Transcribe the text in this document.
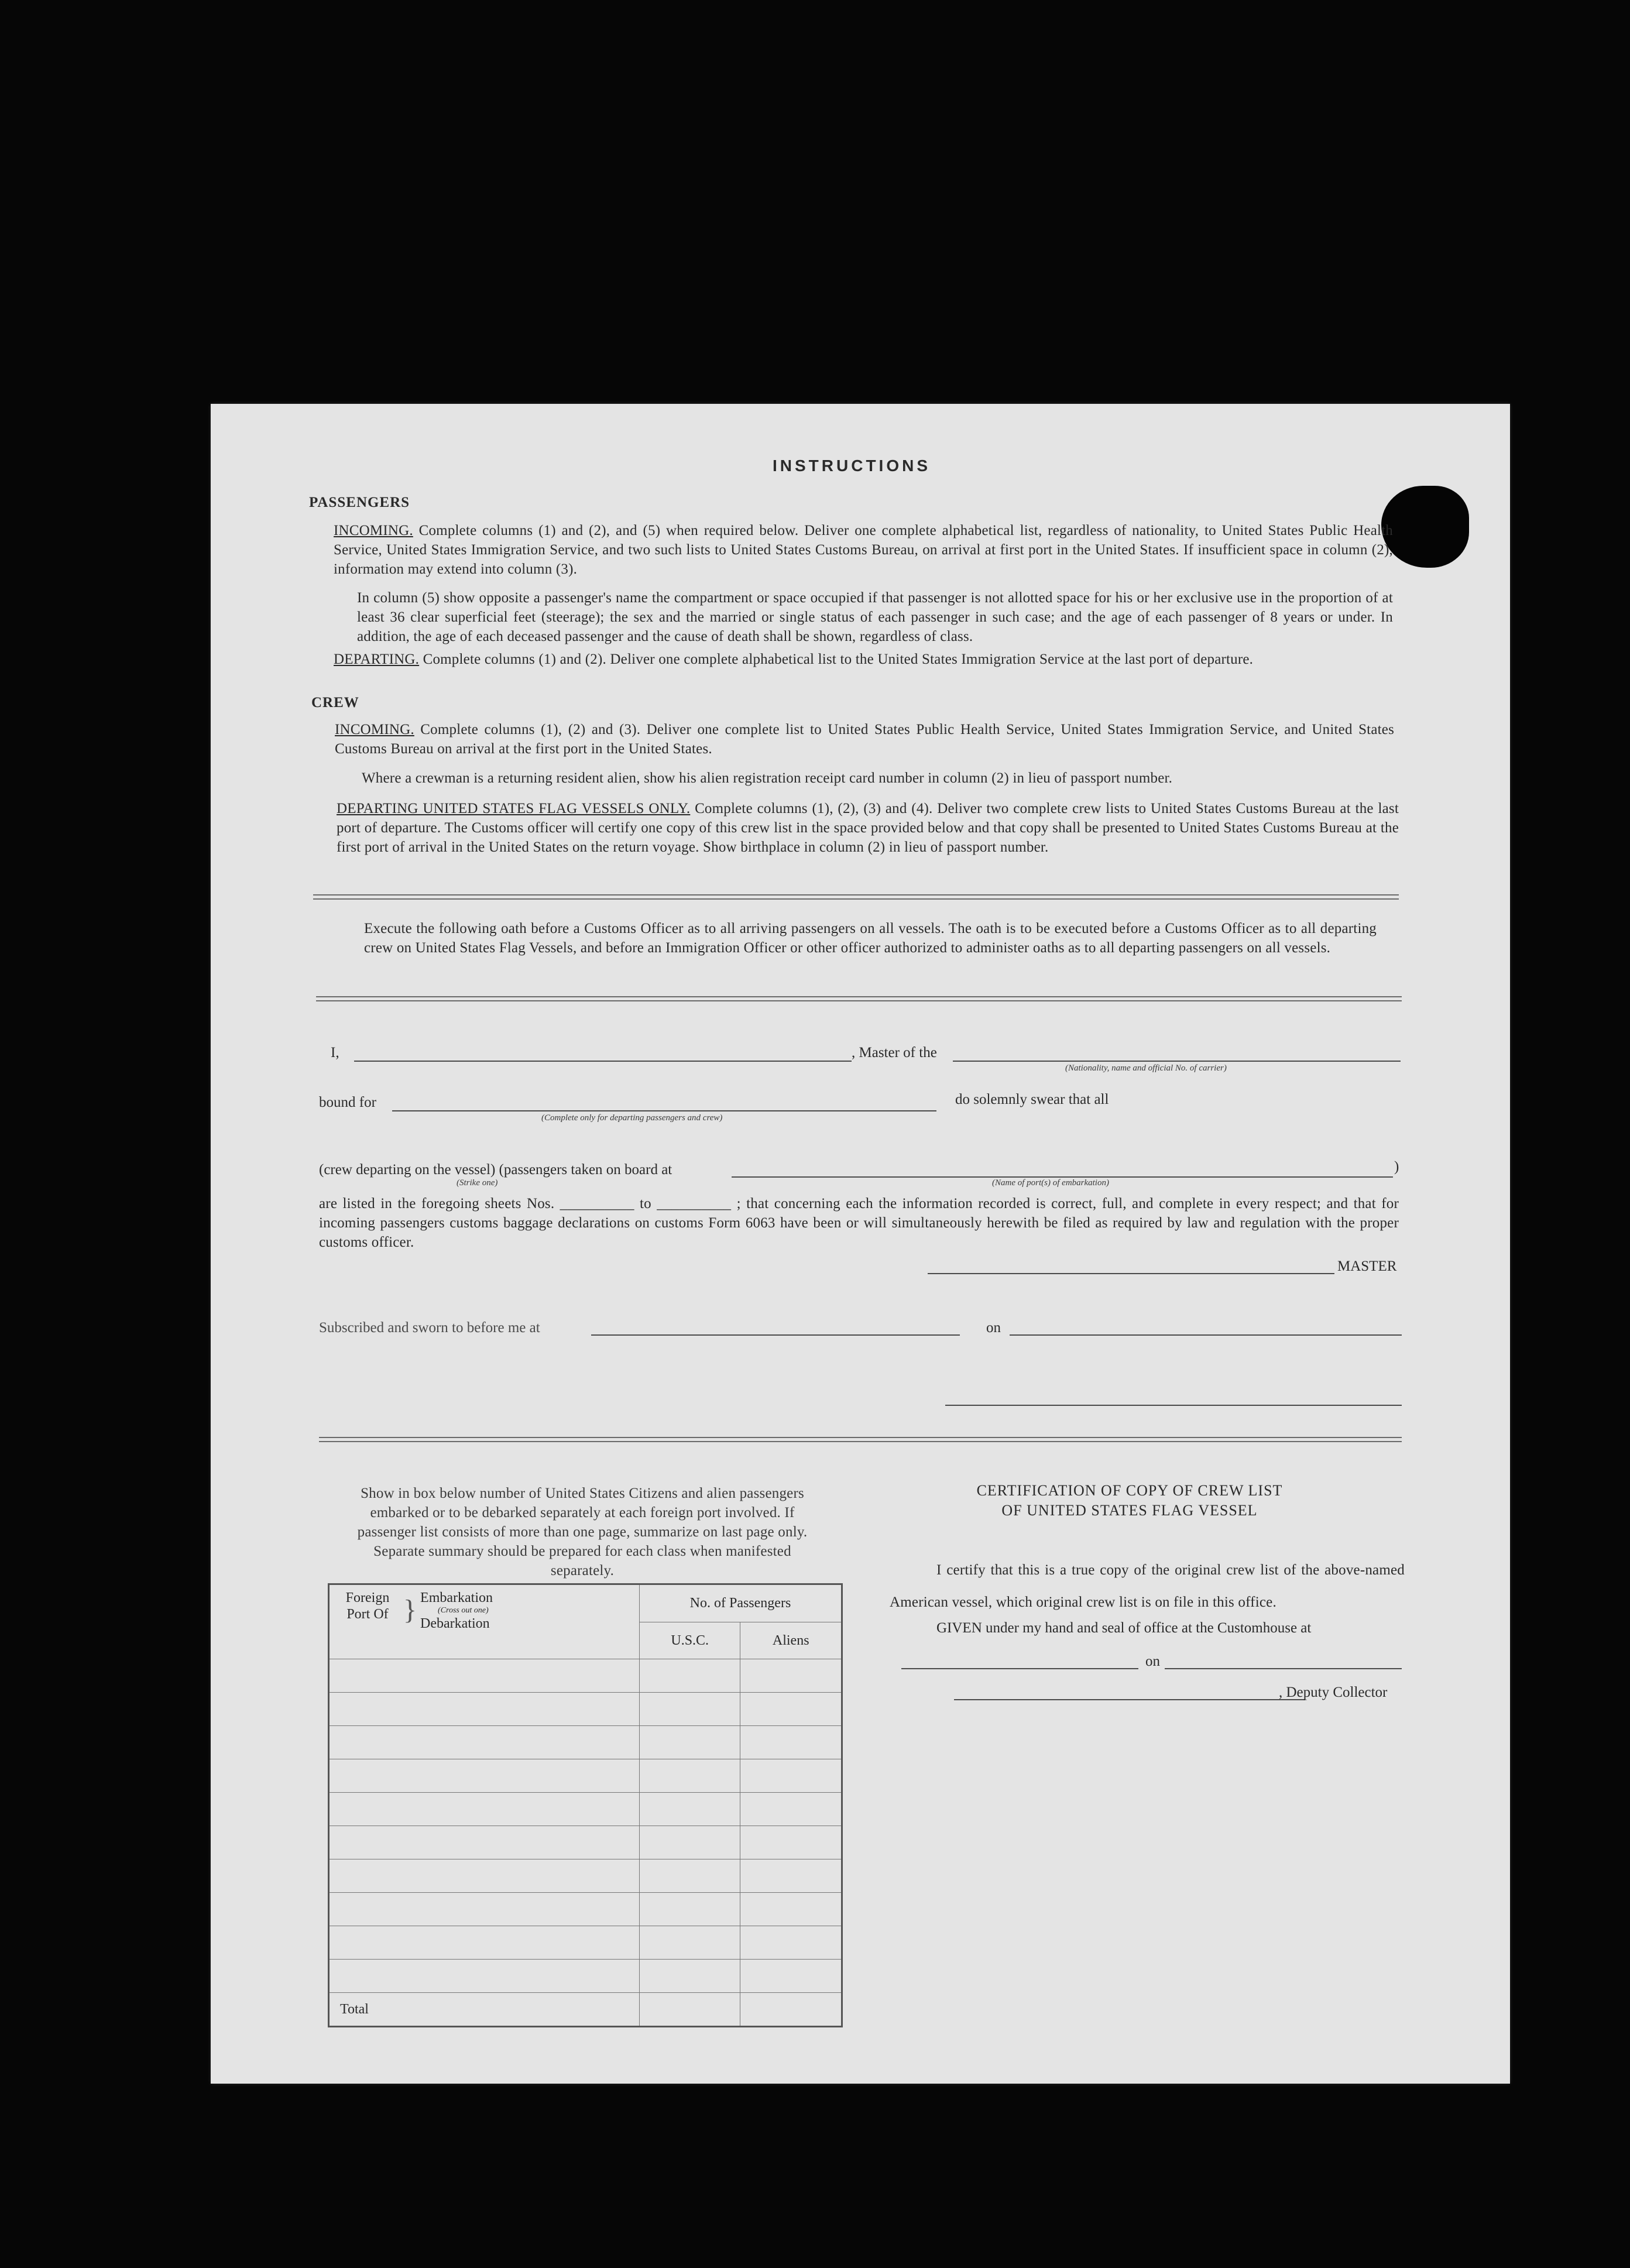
INSTRUCTIONS
PASSENGERS

INCOMING. Complete columns (1) and (2), and (5) when required below. Deliver one complete alphabetical list, regardless of nationality, to United States Public Health Service, United States Immigration Service, and two such lists to United States Customs Bureau, on arrival at first port in the United States. If insufficient space in column (2), information may extend into column (3).

In column (5) show opposite a passenger's name the compartment or space occupied if that passenger is not allotted space for his or her exclusive use in the proportion of at least 36 clear superficial feet (steerage); the sex and the married or single status of each passenger in such case; and the age of each passenger of 8 years or under. In addition, the age of each deceased passenger and the cause of death shall be shown, regardless of class.

DEPARTING. Complete columns (1) and (2). Deliver one complete alphabetical list to the United States Immigration Service at the last port of departure.

CREW

INCOMING. Complete columns (1), (2) and (3). Deliver one complete list to United States Public Health Service, United States Immigration Service, and United States Customs Bureau on arrival at the first port in the United States.

Where a crewman is a returning resident alien, show his alien registration receipt card number in column (2) in lieu of passport number.

DEPARTING UNITED STATES FLAG VESSELS ONLY. Complete columns (1), (2), (3) and (4). Deliver two complete crew lists to United States Customs Bureau at the last port of departure. The Customs officer will certify one copy of this crew list in the space provided below and that copy shall be presented to United States Customs Bureau at the first port of arrival in the United States on the return voyage. Show birthplace in column (2) in lieu of passport number.

Execute the following oath before a Customs Officer as to all arriving passengers on all vessels. The oath is to be executed before a Customs Officer as to all departing crew on United States Flag Vessels, and before an Immigration Officer or other officer authorized to administer oaths as to all departing passengers on all vessels.

I,	, Master of the
(Nationality, name and official No. of carrier)
bound for	do solemnly swear that all
(Complete only for departing passengers and crew)
(crew departing on the vessel) (passengers taken on board at	)
(Strike one)	(Name of port(s) of embarkation)

are listed in the foregoing sheets Nos. __________ to __________ ; that concerning each the information recorded is correct, full, and complete in every respect; and that for incoming passengers customs baggage declarations on customs Form 6063 have been or will simultaneously herewith be filed as required by law and regulation with the proper customs officer.

MASTER
Subscribed and sworn to before me at	on

Show in box below number of United States Citizens and alien passengers embarked or to be debarked separately at each foreign port involved. If passenger list consists of more than one page, summarize on last page only. Separate summary should be prepared for each class when manifested separately.

Foreign Port Of } Embarkation
(Cross out one)
Debarkation	No. of Passengers	
	U.S.C.	Aliens

Total		
CERTIFICATION OF COPY OF CREW LIST
OF UNITED STATES FLAG VESSEL

I certify that this is a true copy of the original crew list of the above-named American vessel, which original crew list is on file in this office.

GIVEN under my hand and seal of office at the Customhouse at
on
, Deputy Collector
